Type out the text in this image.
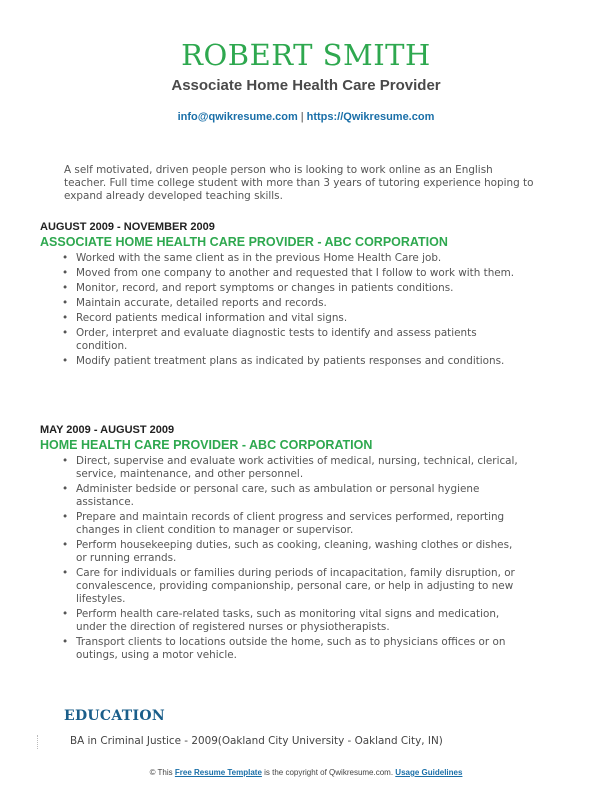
ROBERT SMITH
Associate Home Health Care Provider
info@qwikresume.com | https://Qwikresume.com
A self motivated, driven people person who is looking to work online as an English teacher. Full time college student with more than 3 years of tutoring experience hoping to expand already developed teaching skills.
AUGUST 2009 - NOVEMBER 2009
ASSOCIATE HOME HEALTH CARE PROVIDER - ABC CORPORATION
• Worked with the same client as in the previous Home Health Care job.
• Moved from one company to another and requested that I follow to work with them.
• Monitor, record, and report symptoms or changes in patients conditions.
• Maintain accurate, detailed reports and records.
• Record patients medical information and vital signs.
• Order, interpret and evaluate diagnostic tests to identify and assess patients condition.
• Modify patient treatment plans as indicated by patients responses and conditions.
MAY 2009 - AUGUST 2009
HOME HEALTH CARE PROVIDER - ABC CORPORATION
• Direct, supervise and evaluate work activities of medical, nursing, technical, clerical, service, maintenance, and other personnel.
• Administer bedside or personal care, such as ambulation or personal hygiene assistance.
• Prepare and maintain records of client progress and services performed, reporting changes in client condition to manager or supervisor.
• Perform housekeeping duties, such as cooking, cleaning, washing clothes or dishes, or running errands.
• Care for individuals or families during periods of incapacitation, family disruption, or convalescence, providing companionship, personal care, or help in adjusting to new lifestyles.
• Perform health care-related tasks, such as monitoring vital signs and medication, under the direction of registered nurses or physiotherapists.
• Transport clients to locations outside the home, such as to physicians offices or on outings, using a motor vehicle.
EDUCATION
BA in Criminal Justice - 2009(Oakland City University - Oakland City, IN)
© This Free Resume Template is the copyright of Qwikresume.com. Usage Guidelines
